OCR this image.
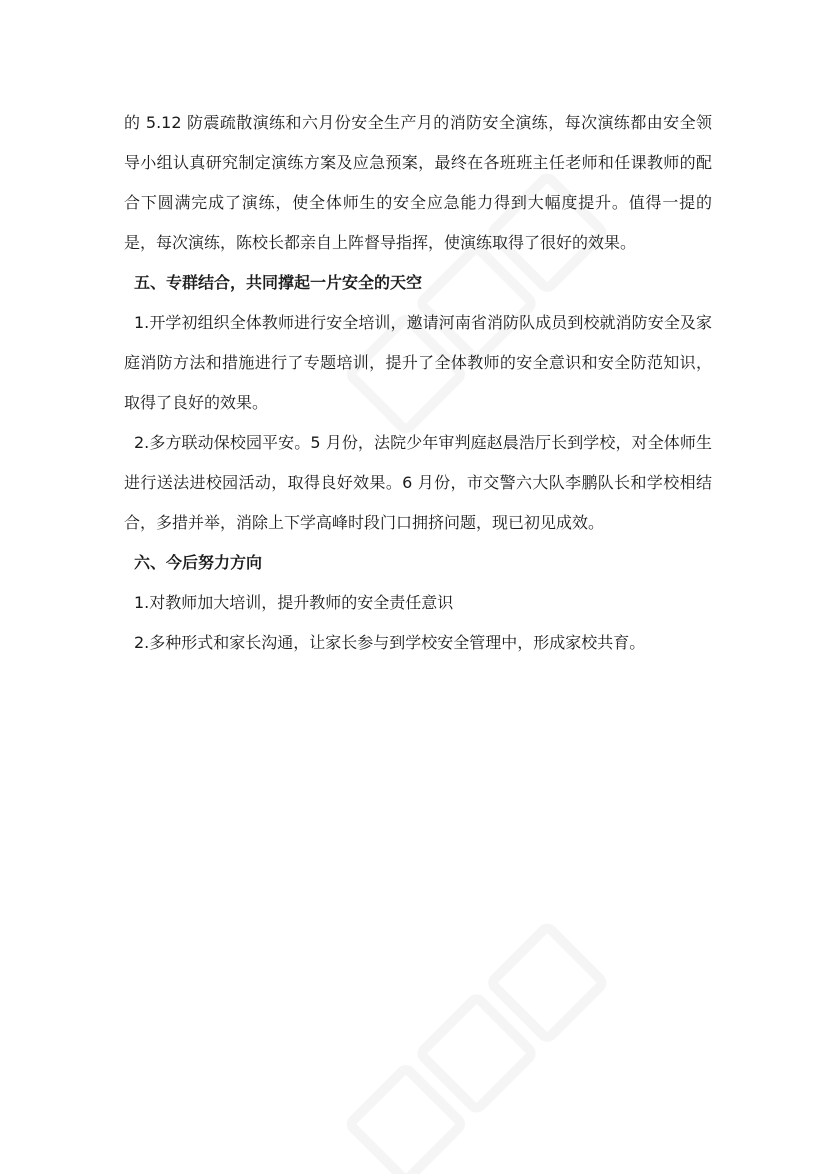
的 5.12 防震疏散演练和六月份安全生产月的消防安全演练，每次演练都由安全领导小组认真研究制定演练方案及应急预案，最终在各班班主任老师和任课教师的配合下圆满完成了演练，使全体师生的安全应急能力得到大幅度提升。值得一提的是，每次演练，陈校长都亲自上阵督导指挥，使演练取得了很好的效果。

五、专群结合，共同撑起一片安全的天空

1.开学初组织全体教师进行安全培训，邀请河南省消防队成员到校就消防安全及家庭消防方法和措施进行了专题培训，提升了全体教师的安全意识和安全防范知识，取得了良好的效果。

2.多方联动保校园平安。5 月份，法院少年审判庭赵晨浩厅长到学校，对全体师生进行送法进校园活动，取得良好效果。6 月份，市交警六大队李鹏队长和学校相结合，多措并举，消除上下学高峰时段门口拥挤问题，现已初见成效。

六、今后努力方向

1.对教师加大培训，提升教师的安全责任意识

2.多种形式和家长沟通，让家长参与到学校安全管理中，形成家校共育。
